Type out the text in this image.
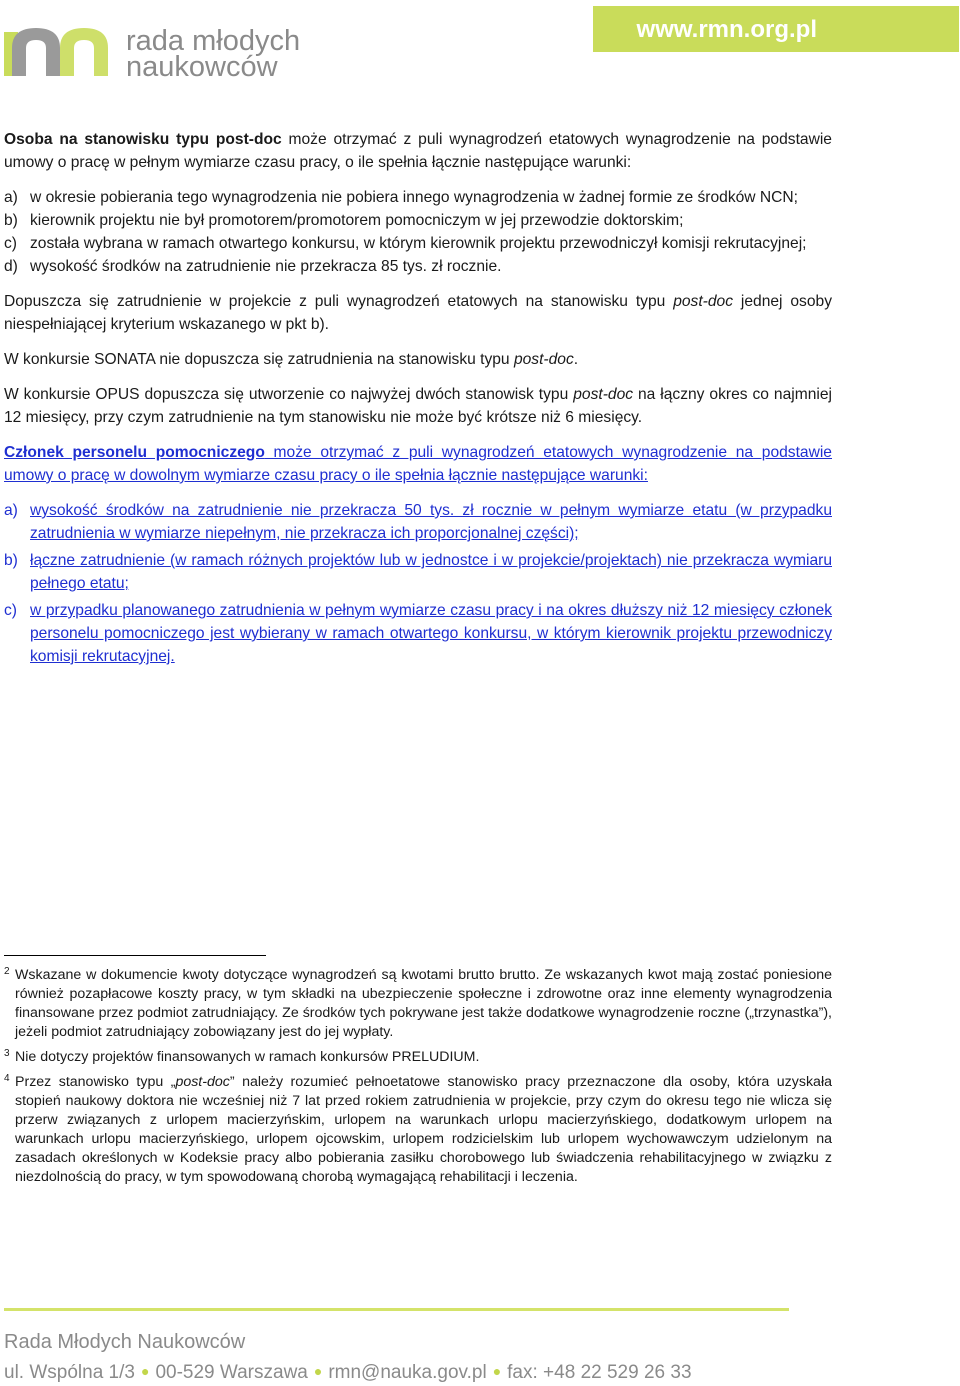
rada młodych
naukowców
www.rmn.org.pl

Osoba na stanowisku typu post-doc może otrzymać z puli wynagrodzeń etatowych wynagrodzenie na podstawie umowy o pracę w pełnym wymiarze czasu pracy, o ile spełnia łącznie następujące warunki:

a) w okresie pobierania tego wynagrodzenia nie pobiera innego wynagrodzenia w żadnej formie ze środków NCN;
b) kierownik projektu nie był promotorem/promotorem pomocniczym w jej przewodzie doktorskim;
c) została wybrana w ramach otwartego konkursu, w którym kierownik projektu przewodniczył komisji rekrutacyjnej;
d) wysokość środków na zatrudnienie nie przekracza 85 tys. zł rocznie.

Dopuszcza się zatrudnienie w projekcie z puli wynagrodzeń etatowych na stanowisku typu post-doc jednej osoby niespełniającej kryterium wskazanego w pkt b).

W konkursie SONATA nie dopuszcza się zatrudnienia na stanowisku typu post-doc.

W konkursie OPUS dopuszcza się utworzenie co najwyżej dwóch stanowisk typu post-doc na łączny okres co najmniej 12 miesięcy, przy czym zatrudnienie na tym stanowisku nie może być krótsze niż 6 miesięcy.

Członek personelu pomocniczego może otrzymać z puli wynagrodzeń etatowych wynagrodzenie na podstawie umowy o pracę w dowolnym wymiarze czasu pracy o ile spełnia łącznie następujące warunki:

a) wysokość środków na zatrudnienie nie przekracza 50 tys. zł rocznie w pełnym wymiarze etatu (w przypadku zatrudnienia w wymiarze niepełnym, nie przekracza ich proporcjonalnej części);
b) łączne zatrudnienie (w ramach różnych projektów lub w jednostce i w projekcie/projektach) nie przekracza wymiaru pełnego etatu;
c) w przypadku planowanego zatrudnienia w pełnym wymiarze czasu pracy i na okres dłuższy niż 12 miesięcy członek personelu pomocniczego jest wybierany w ramach otwartego konkursu, w którym kierownik projektu przewodniczy komisji rekrutacyjnej.
2 Wskazane w dokumencie kwoty dotyczące wynagrodzeń są kwotami brutto brutto. Ze wskazanych kwot mają zostać poniesione również pozapłacowe koszty pracy, w tym składki na ubezpieczenie społeczne i zdrowotne oraz inne elementy wynagrodzenia finansowane przez podmiot zatrudniający. Ze środków tych pokrywane jest także dodatkowe wynagrodzenie roczne („trzynastka”), jeżeli podmiot zatrudniający zobowiązany jest do jej wypłaty.
3 Nie dotyczy projektów finansowanych w ramach konkursów PRELUDIUM.
4 Przez stanowisko typu „post-doc” należy rozumieć pełnoetatowe stanowisko pracy przeznaczone dla osoby, która uzyskała stopień naukowy doktora nie wcześniej niż 7 lat przed rokiem zatrudnienia w projekcie, przy czym do okresu tego nie wlicza się przerw związanych z urlopem macierzyńskim, urlopem na warunkach urlopu macierzyńskiego, dodatkowym urlopem na warunkach urlopu macierzyńskiego, urlopem ojcowskim, urlopem rodzicielskim lub urlopem wychowawczym udzielonym na zasadach określonych w Kodeksie pracy albo pobierania zasiłku chorobowego lub świadczenia rehabilitacyjnego w związku z niezdolnością do pracy, w tym spowodowaną chorobą wymagającą rehabilitacji i leczenia.
Rada Młodych Naukowców
ul. Wspólna 1/3 ● 00-529 Warszawa ● rmn@nauka.gov.pl ● fax: +48 22 529 26 33
